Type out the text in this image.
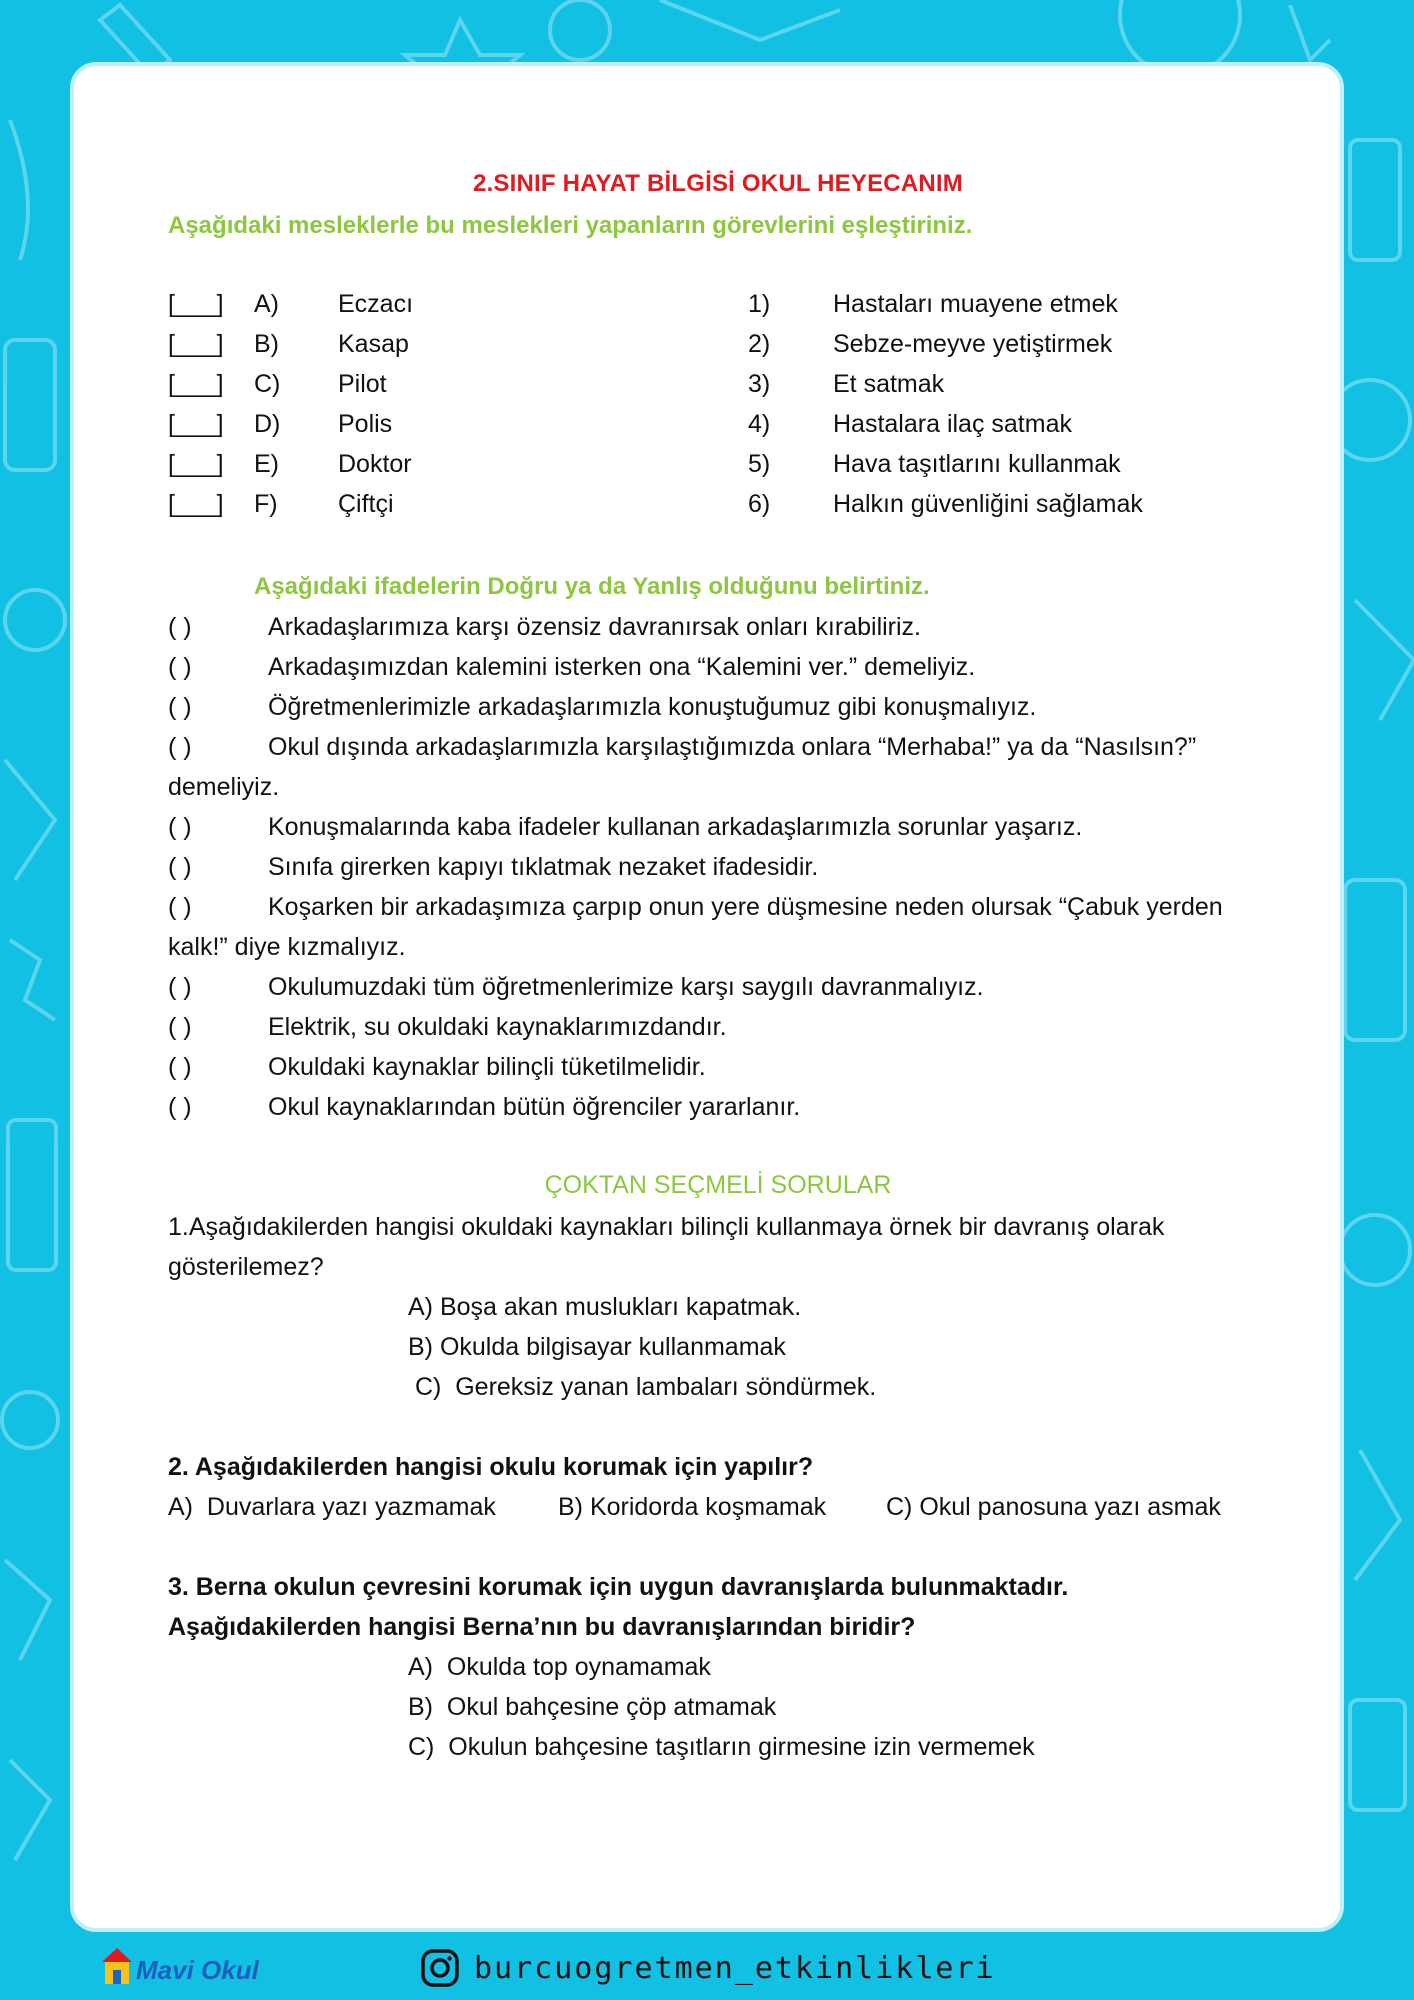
2.SINIF HAYAT BİLGİSİ OKUL HEYECANIM
Aşağıdaki mesleklerle bu meslekleri yapanların görevlerini eşleştiriniz.
[___] A) Eczacı	1)	Hastaları muayene etmek
[___] B) Kasap	2)	Sebze-meyve yetiştirmek
[___] C) Pilot	3)	Et satmak
[___] D) Polis	4)	Hastalara ilaç satmak
[___] E) Doktor	5)	Hava taşıtlarını kullanmak
[___] F) Çiftçi	6)	Halkın güvenliğini sağlamak
Aşağıdaki ifadelerin Doğru ya da Yanlış olduğunu belirtiniz.
( )	Arkadaşlarımıza karşı özensiz davranırsak onları kırabiliriz.
( )	Arkadaşımızdan kalemini isterken ona “Kalemini ver.” demeliyiz.
( )	Öğretmenlerimizle arkadaşlarımızla konuştuğumuz gibi konuşmalıyız.
( )	Okul dışında arkadaşlarımızla karşılaştığımızda onlara “Merhaba!” ya da “Nasılsın?” demeliyiz.
( )	Konuşmalarında kaba ifadeler kullanan arkadaşlarımızla sorunlar yaşarız.
( )	Sınıfa girerken kapıyı tıklatmak nezaket ifadesidir.
( )	Koşarken bir arkadaşımıza çarpıp onun yere düşmesine neden olursak “Çabuk yerden kalk!” diye kızmalıyız.
( )	Okulumuzdaki tüm öğretmenlerimize karşı saygılı davranmalıyız.
( )	Elektrik, su okuldaki kaynaklarımızdandır.
( )	Okuldaki kaynaklar bilinçli tüketilmelidir.
( )	Okul kaynaklarından bütün öğrenciler yararlanır.
ÇOKTAN SEÇMELİ SORULAR
1.Aşağıdakilerden hangisi okuldaki kaynakları bilinçli kullanmaya örnek bir davranış olarak gösterilemez?
A) Boşa akan muslukları kapatmak.
B) Okulda bilgisayar kullanmamak
C)  Gereksiz yanan lambaları söndürmek.
2. Aşağıdakilerden hangisi okulu korumak için yapılır?
A)  Duvarlara yazı yazmamak B) Koridorda koşmamak C) Okul panosuna yazı asmak
3. Berna okulun çevresini korumak için uygun davranışlarda bulunmaktadır.
Aşağıdakilerden hangisi Berna’nın bu davranışlarından biridir?
A)  Okulda top oynamamak
B)  Okul bahçesine çöp atmamak
C)  Okulun bahçesine taşıtların girmesine izin vermemek
Mavi Okul	burcuogretmen_etkinlikleri
